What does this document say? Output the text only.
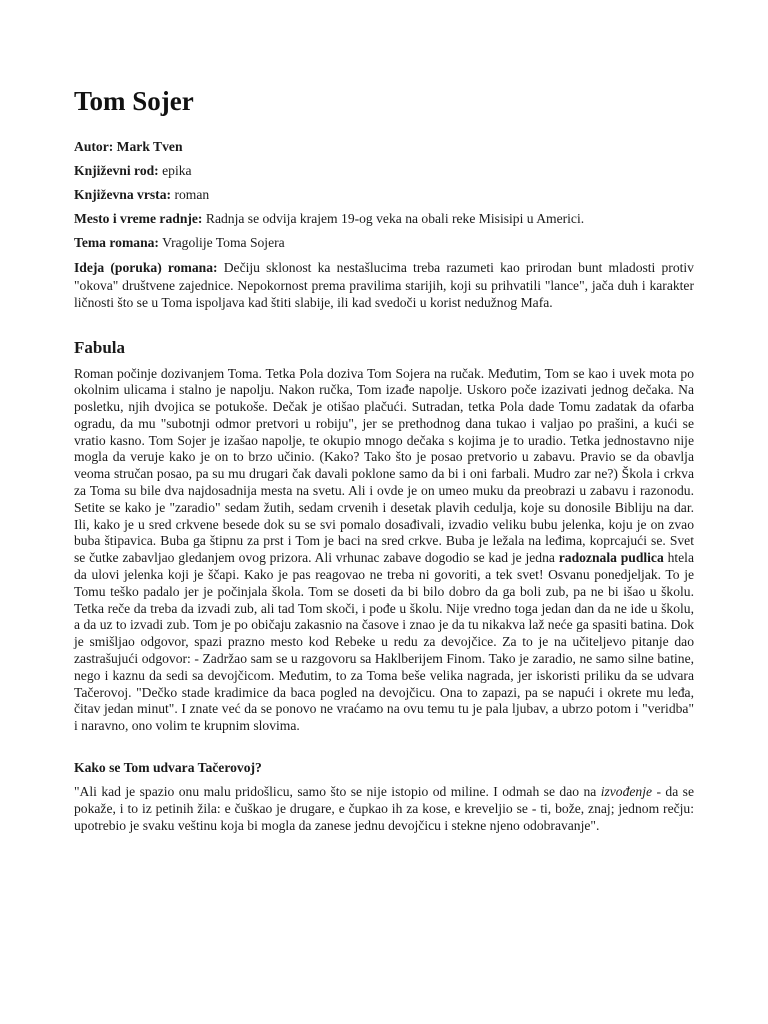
Tom Sojer
Autor: Mark Tven
Književni rod: epika
Književna vrsta: roman
Mesto i vreme radnje: Radnja se odvija krajem 19-og veka na obali reke Misisipi u Americi.
Tema romana: Vragolije Toma Sojera
Ideja (poruka) romana: Dečiju sklonost ka nestašlucima treba razumeti kao prirodan bunt mladosti protiv "okova" društvene zajednice. Nepokornost prema pravilima starijih, koji su prihvatili "lance", jača duh i karakter ličnosti što se u Toma ispoljava kad štiti slabije, ili kad svedoči u korist nedužnog Mafa.
Fabula

Roman počinje dozivanjem Toma. Tetka Pola doziva Tom Sojera na ručak. Međutim, Tom se kao i uvek mota po okolnim ulicama i stalno je napolju. Nakon ručka, Tom izađe napolje. Uskoro poče izazivati jednog dečaka. Na posletku, njih dvojica se potukoše. Dečak je otišao plačući. Sutradan, tetka Pola dade Tomu zadatak da ofarba ogradu, da mu "subotnji odmor pretvori u robiju", jer se prethodnog dana tukao i valjao po prašini, a kući se vratio kasno. Tom Sojer je izašao napolje, te okupio mnogo dečaka s kojima je to uradio. Tetka jednostavno nije mogla da veruje kako je on to brzo učinio. (Kako? Tako što je posao pretvorio u zabavu. Pravio se da obavlja veoma stručan posao, pa su mu drugari čak davali poklone samo da bi i oni farbali. Mudro zar ne?) Škola i crkva za Toma su bile dva najdosadnija mesta na svetu. Ali i ovde je on umeo muku da preobrazi u zabavu i razonodu. Setite se kako je "zaradio" sedam žutih, sedam crvenih i desetak plavih cedulja, koje su donosile Bibliju na dar. Ili, kako je u sred crkvene besede dok su se svi pomalo dosađivali, izvadio veliku bubu jelenka, koju je on zvao buba štipavica. Buba ga štipnu za prst i Tom je baci na sred crkve. Buba je ležala na leđima, koprcajući se. Svet se čutke zabavljao gledanjem ovog prizora. Ali vrhunac zabave dogodio se kad je jedna radoznala pudlica htela da ulovi jelenka koji je ščapi. Kako je pas reagovao ne treba ni govoriti, a tek svet! Osvanu ponedjeljak. To je Tomu teško padalo jer je počinjala škola. Tom se doseti da bi bilo dobro da ga boli zub, pa ne bi išao u školu. Tetka reče da treba da izvadi zub, ali tad Tom skoči, i pođe u školu. Nije vredno toga jedan dan da ne ide u školu, a da uz to izvadi zub. Tom je po običaju zakasnio na časove i znao je da tu nikakva laž neće ga spasiti batina. Dok je smišljao odgovor, spazi prazno mesto kod Rebeke u redu za devojčice. Za to je na učiteljevo pitanje dao zastrašujući odgovor: - Zadržao sam se u razgovoru sa Haklberijem Finom. Tako je zaradio, ne samo silne batine, nego i kaznu da sedi sa devojčicom. Međutim, to za Toma beše velika nagrada, jer iskoristi priliku da se udvara Tačerovoj. "Dečko stade kradimice da baca pogled na devojčicu. Ona to zapazi, pa se napući i okrete mu leđa, čitav jedan minut". I znate već da se ponovo ne vraćamo na ovu temu tu je pala ljubav, a ubrzo potom i "veridba" i naravno, ono volim te krupnim slovima.

Kako se Tom udvara Tačerovoj?

"Ali kad je spazio onu malu pridošlicu, samo što se nije istopio od miline. I odmah se dao na izvođenje - da se pokaže, i to iz petinih žila: e čuškao je drugare, e čupkao ih za kose, e kreveljio se - ti, bože, znaj; jednom rečju: upotrebio je svaku veštinu koja bi mogla da zanese jednu devojčicu i stekne njeno odobravanje".
